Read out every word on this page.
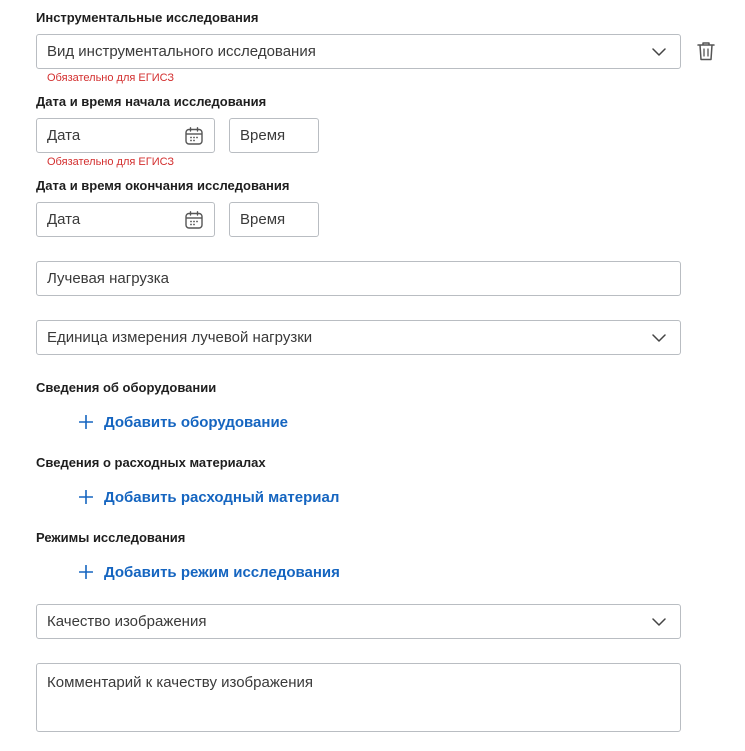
Инструментальные исследования
Вид инструментального исследования
Обязательно для ЕГИСЗ
Дата и время начала исследования
Дата	Время
Обязательно для ЕГИСЗ
Дата и время окончания исследования
Дата	Время
Лучевая нагрузка
Единица измерения лучевой нагрузки
Сведения об оборудовании
Добавить оборудование
Сведения о расходных материалах
Добавить расходный материал
Режимы исследования
Добавить режим исследования
Качество изображения
Комментарий к качеству изображения
